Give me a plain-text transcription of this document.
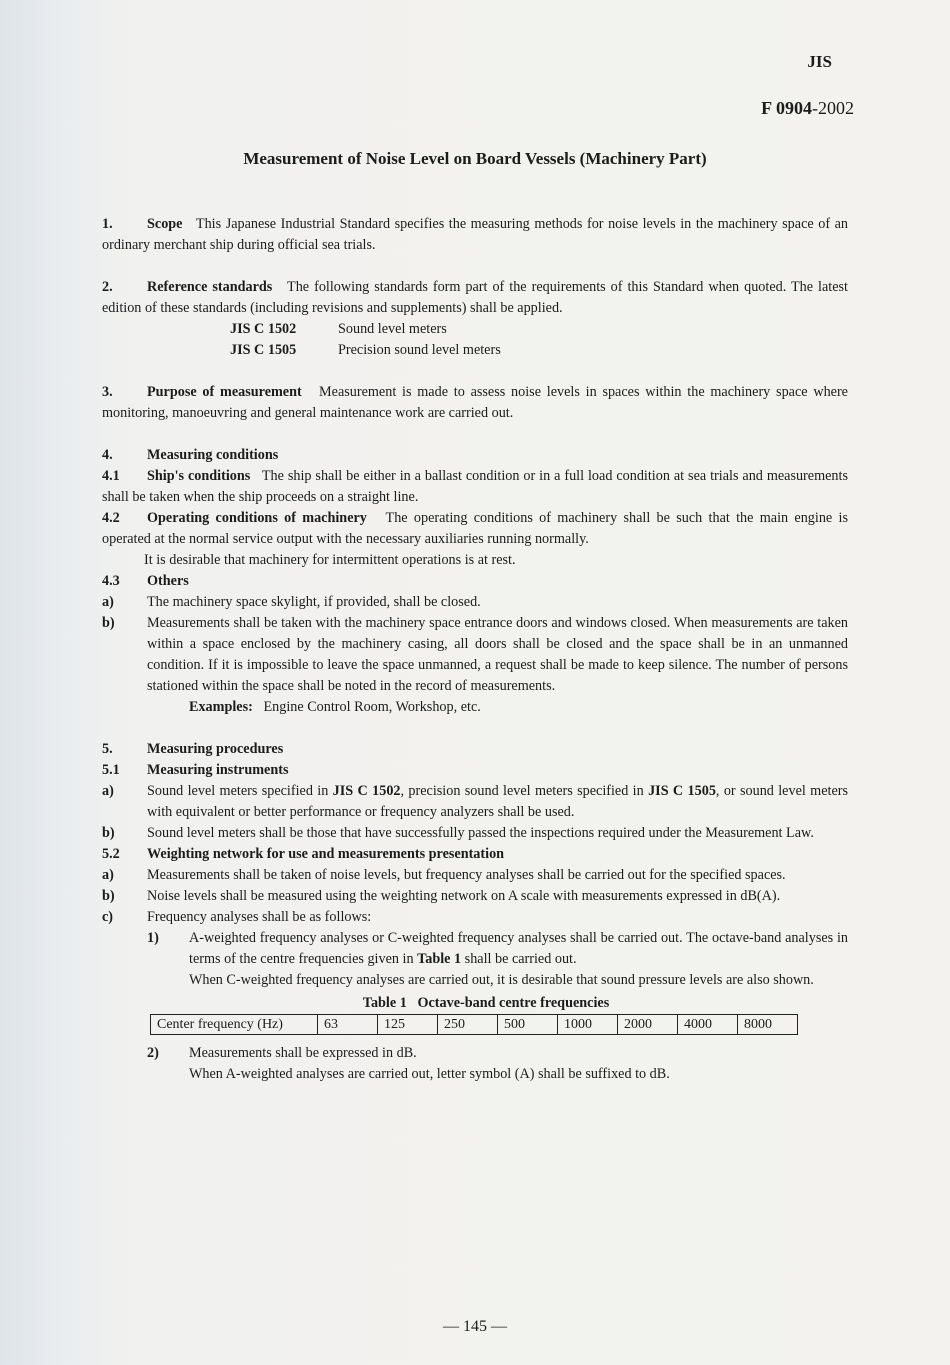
JIS
F 0904-2002
Measurement of Noise Level on Board Vessels (Machinery Part)

1. Scope This Japanese Industrial Standard specifies the measuring methods for noise levels in the machinery space of an ordinary merchant ship during official sea trials.

2. Reference standards The following standards form part of the requirements of this Standard when quoted. The latest edition of these standards (including revisions and supplements) shall be applied.

JIS C 1502	Sound level meters
JIS C 1505	Precision sound level meters

3. Purpose of measurement Measurement is made to assess noise levels in spaces within the machinery space where monitoring, manoeuvring and general maintenance work are carried out.

4. Measuring conditions

4.1 Ship's conditions The ship shall be either in a ballast condition or in a full load condition at sea trials and measurements shall be taken when the ship proceeds on a straight line.

4.2 Operating conditions of machinery The operating conditions of machinery shall be such that the main engine is operated at the normal service output with the necessary auxiliaries running normally.

It is desirable that machinery for intermittent operations is at rest.
4.3 Others
a)	The machinery space skylight, if provided, shall be closed.
b)	Measurements shall be taken with the machinery space entrance doors and windows closed. When measurements are taken within a space enclosed by the machinery casing, all doors shall be closed and the space shall be in an unmanned condition. If it is impossible to leave the space unmanned, a request shall be made to keep silence. The number of persons stationed within the space shall be noted in the record of measurements.
Examples: Engine Control Room, Workshop, etc.
5. Measuring procedures
5.1 Measuring instruments
a)	Sound level meters specified in JIS C 1502, precision sound level meters specified in JIS C 1505, or sound level meters with equivalent or better performance or frequency analyzers shall be used.
b)	Sound level meters shall be those that have successfully passed the inspections required under the Measurement Law.
5.2 Weighting network for use and measurements presentation
a)	Measurements shall be taken of noise levels, but frequency analyses shall be carried out for the specified spaces.
b)	Noise levels shall be measured using the weighting network on A scale with measurements expressed in dB(A).
c)	Frequency analyses shall be as follows:
1)	A-weighted frequency analyses or C-weighted frequency analyses shall be carried out. The octave-band analyses in terms of the centre frequencies given in Table 1 shall be carried out.
When C-weighted frequency analyses are carried out, it is desirable that sound pressure levels are also shown.
Table 1 Octave-band centre frequencies
Center frequency (Hz)	63	125	250	500	1000	2000	4000	8000
2)	Measurements shall be expressed in dB.
When A-weighted analyses are carried out, letter symbol (A) shall be suffixed to dB.
— 145 —
